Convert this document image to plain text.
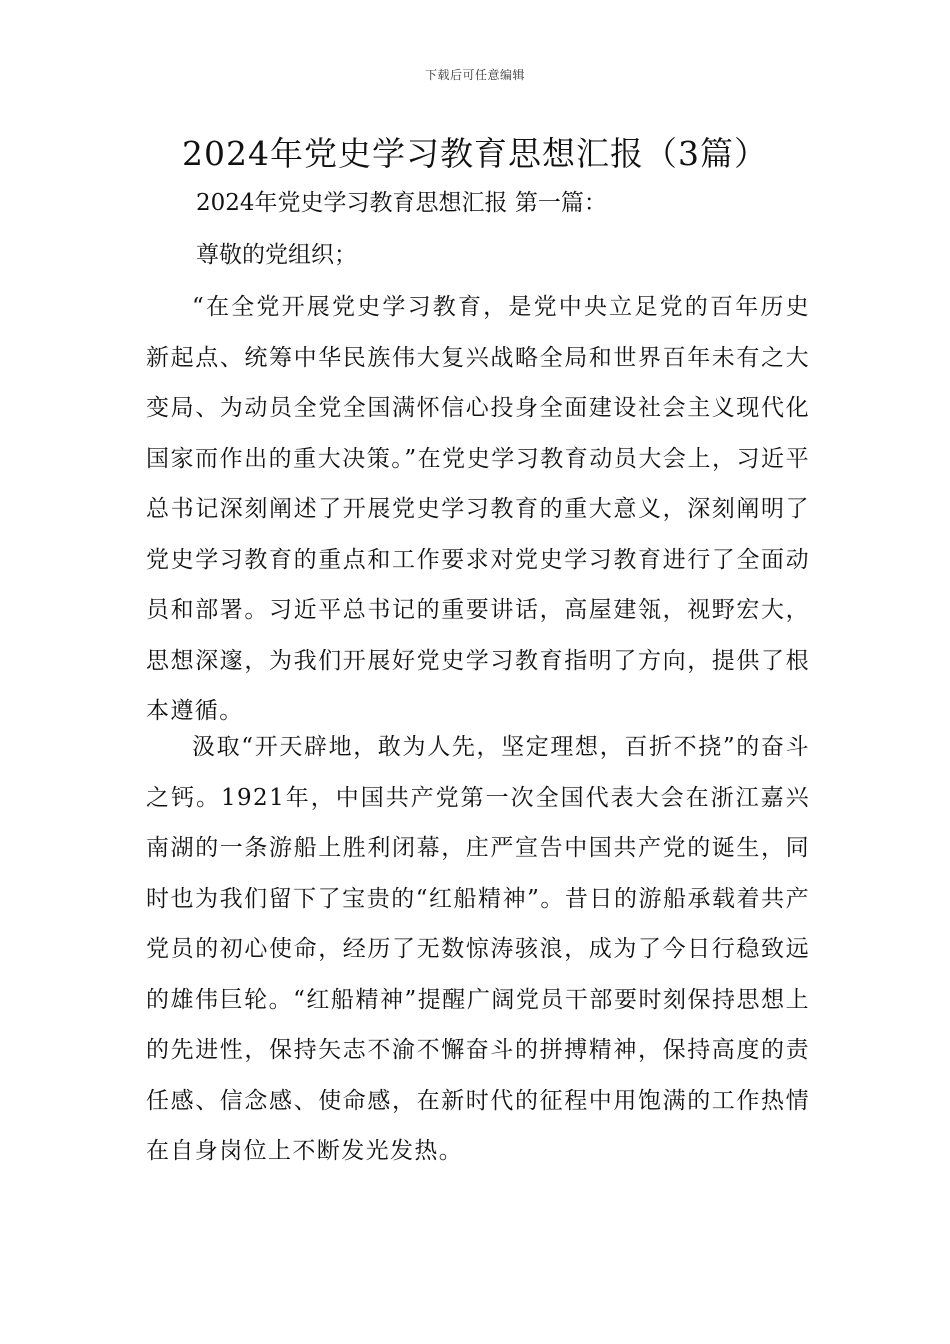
下载后可任意编辑
2024年党史学习教育思想汇报（3篇）

2024年党史学习教育思想汇报 第一篇：

尊敬的党组织；

“在全党开展党史学习教育，是党中央立足党的百年历史新起点、统筹中华民族伟大复兴战略全局和世界百年未有之大变局、为动员全党全国满怀信心投身全面建设社会主义现代化国家而作出的重大决策。”在党史学习教育动员大会上，习近平总书记深刻阐述了开展党史学习教育的重大意义，深刻阐明了党史学习教育的重点和工作要求对党史学习教育进行了全面动员和部署。习近平总书记的重要讲话，高屋建瓴，视野宏大，思想深邃，为我们开展好党史学习教育指明了方向，提供了根本遵循。

汲取“开天辟地，敢为人先，坚定理想，百折不挠”的奋斗之钙。1921年，中国共产党第一次全国代表大会在浙江嘉兴南湖的一条游船上胜利闭幕，庄严宣告中国共产党的诞生，同时也为我们留下了宝贵的“红船精神”。昔日的游船承载着共产党员的初心使命，经历了无数惊涛骇浪，成为了今日行稳致远的雄伟巨轮。“红船精神”提醒广阔党员干部要时刻保持思想上的先进性，保持矢志不渝不懈奋斗的拼搏精神，保持高度的责任感、信念感、使命感，在新时代的征程中用饱满的工作热情在自身岗位上不断发光发热。
